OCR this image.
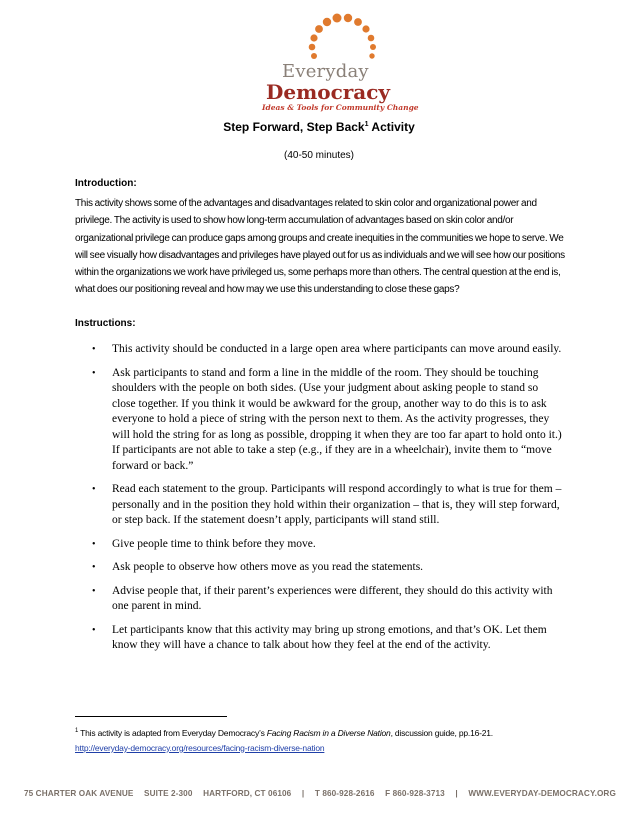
Everyday
Democracy
Ideas & Tools for Community Change
Step Forward, Step Back$^1$ Activity
(40-50 minutes)
Introduction:
This activity shows some of the advantages and disadvantages related to skin color and organizational power and privilege. The activity is used to show how long-term accumulation of advantages based on skin color and/or organizational privilege can produce gaps among groups and create inequities in the communities we hope to serve. We will see visually how disadvantages and privileges have played out for us as individuals and we will see how our positions within the organizations we work have privileged us, some perhaps more than others. The central question at the end is, what does our positioning reveal and how may we use this understanding to close these gaps?
Instructions:
• This activity should be conducted in a large open area where participants can move around easily.
• Ask participants to stand and form a line in the middle of the room. They should be touching shoulders with the people on both sides. (Use your judgment about asking people to stand so close together. If you think it would be awkward for the group, another way to do this is to ask everyone to hold a piece of string with the person next to them. As the activity progresses, they will hold the string for as long as possible, dropping it when they are too far apart to hold onto it.) If participants are not able to take a step (e.g., if they are in a wheelchair), invite them to “move forward or back.”
• Read each statement to the group. Participants will respond accordingly to what is true for them – personally and in the position they hold within their organization – that is, they will step forward, or step back. If the statement doesn’t apply, participants will stand still.
• Give people time to think before they move.
• Ask people to observe how others move as you read the statements.
• Advise people that, if their parent’s experiences were different, they should do this activity with one parent in mind.
• Let participants know that this activity may bring up strong emotions, and that’s OK. Let them know they will have a chance to talk about how they feel at the end of the activity.
$^1$ This activity is adapted from Everyday Democracy’s Facing Racism in a Diverse Nation, discussion guide, pp.16-21.
http://everyday-democracy.org/resources/facing-racism-diverse-nation
75 CHARTER OAK AVENUE SUITE 2-300 HARTFORD, CT 06106 | T 860-928-2616 F 860-928-3713 | WWW.EVERYDAY-DEMOCRACY.ORG
